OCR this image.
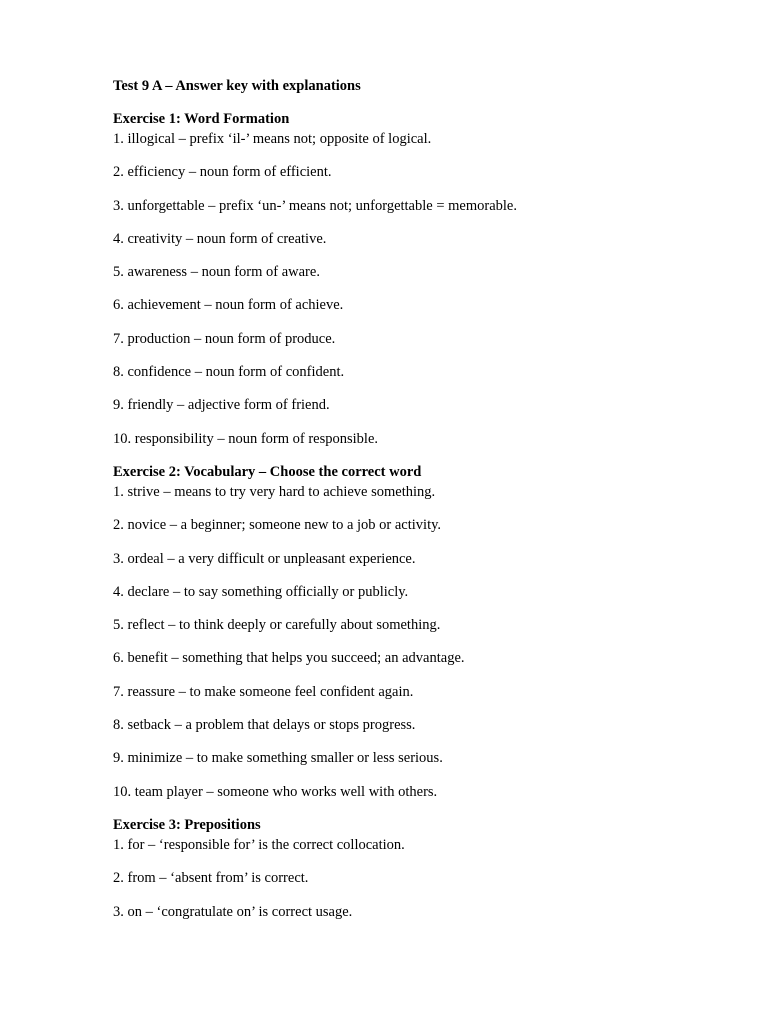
Test 9 A – Answer key with explanations
Exercise 1: Word Formation
1. illogical – prefix ‘il-’ means not; opposite of logical.
2. efficiency – noun form of efficient.
3. unforgettable – prefix ‘un-’ means not; unforgettable = memorable.
4. creativity – noun form of creative.
5. awareness – noun form of aware.
6. achievement – noun form of achieve.
7. production – noun form of produce.
8. confidence – noun form of confident.
9. friendly – adjective form of friend.
10. responsibility – noun form of responsible.
Exercise 2: Vocabulary – Choose the correct word
1. strive – means to try very hard to achieve something.
2. novice – a beginner; someone new to a job or activity.
3. ordeal – a very difficult or unpleasant experience.
4. declare – to say something officially or publicly.
5. reflect – to think deeply or carefully about something.
6. benefit – something that helps you succeed; an advantage.
7. reassure – to make someone feel confident again.
8. setback – a problem that delays or stops progress.
9. minimize – to make something smaller or less serious.
10. team player – someone who works well with others.
Exercise 3: Prepositions
1. for – ‘responsible for’ is the correct collocation.
2. from – ‘absent from’ is correct.
3. on – ‘congratulate on’ is correct usage.
